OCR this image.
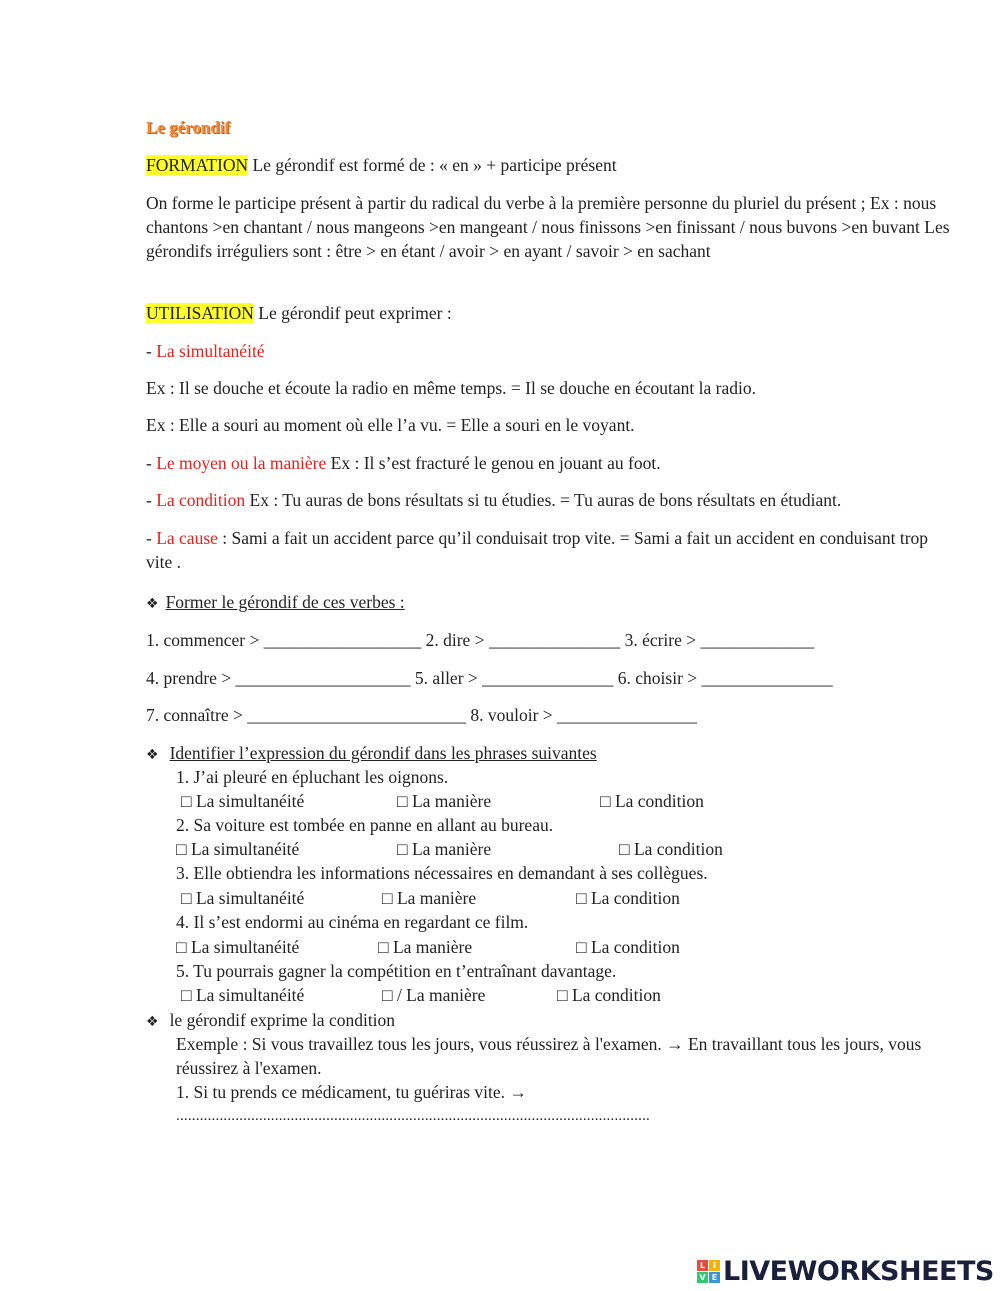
Le gérondif
FORMATION Le gérondif est formé de : « en » + participe présent
On forme le participe présent à partir du radical du verbe à la première personne du pluriel du présent ; Ex : nous chantons >en chantant / nous mangeons >en mangeant / nous finissons >en finissant / nous buvons >en buvant Les gérondifs irréguliers sont : être > en étant / avoir > en ayant / savoir > en sachant
UTILISATION Le gérondif peut exprimer :
- La simultanéité
Ex : Il se douche et écoute la radio en même temps. = Il se douche en écoutant la radio.
Ex : Elle a souri au moment où elle l’a vu. = Elle a souri en le voyant.
- Le moyen ou la manière Ex : Il s’est fracturé le genou en jouant au foot.
- La condition Ex : Tu auras de bons résultats si tu étudies. = Tu auras de bons résultats en étudiant.
- La cause : Sami a fait un accident parce qu’il conduisait trop vite. = Sami a fait un accident en conduisant trop vite .
❖ Former le gérondif de ces verbes :
1. commencer > __________________ 2. dire > _______________ 3. écrire > _____________
4. prendre > ____________________ 5. aller > _______________ 6. choisir > _______________
7. connaître > _________________________ 8. vouloir > ________________
❖ Identifier l’expression du gérondif dans les phrases suivantes
1. J’ai pleuré en épluchant les oignons.
□ La simultanéité	□ La manière	□ La condition
2. Sa voiture est tombée en panne en allant au bureau.
□ La simultanéité	□ La manière	□ La condition
3. Elle obtiendra les informations nécessaires en demandant à ses collègues.
□ La simultanéité	□ La manière	□ La condition
4. Il s’est endormi au cinéma en regardant ce film.
□ La simultanéité	□ La manière	□ La condition
5. Tu pourrais gagner la compétition en t’entraînant davantage.
□ La simultanéité	□ / La manière	□ La condition
❖ le gérondif exprime la condition
Exemple : Si vous travaillez tous les jours, vous réussirez à l'examen. → En travaillant tous les jours, vous réussirez à l'examen.
1. Si tu prends ce médicament, tu guériras vite. →
........................................................................................................................
L I
V E LIVEWORKSHEETS
